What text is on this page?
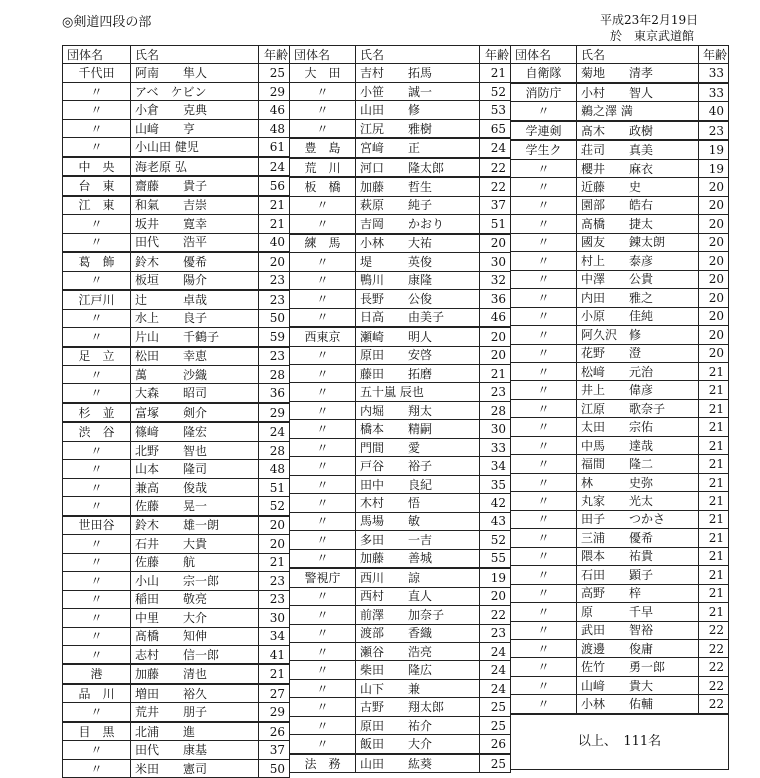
◎剣道四段の部	平成23年2月19日
於　東京武道館
団体名	氏名	年齢
千代田	阿南　　隼人	25
〃	アベ　ケビン	29
〃	小倉　　克典	46
〃	山﨑　　亨	48
〃	小山田 健児	61
中　央	海老原 弘	24
台　東	齋藤　　貴子	56
江　東	和氣　　吉崇	21
〃	坂井　　寛幸	21
〃	田代　　浩平	40
葛　飾	鈴木　　優希	20
〃	板垣　　陽介	23
江戸川	辻　　　卓哉	23
〃	水上　　良子	50
〃	片山　　千鶴子	59
足　立	松田　　幸恵	23
〃	萬　　　沙織	28
〃	大森　　昭司	36
杉　並	富塚　　剣介	29
渋　谷	篠﨑　　隆宏	24
〃	北野　　智也	28
〃	山本　　隆司	48
〃	兼高　　俊哉	51
〃	佐藤　　晃一	52
世田谷	鈴木　　雄一朗	20
〃	石井　　大貴	20
〃	佐藤　　航	21
〃	小山　　宗一郎	23
〃	稲田　　敬亮	23
〃	中里　　大介	30
〃	髙橋　　知伸	34
〃	志村　　信一郎	41
港	加藤　　清也	21
品　川	増田　　裕久	27
〃	荒井　　朋子	29
目　黒	北浦　　進	26
〃	田代　　康基	37
〃	米田　　憲司	50
団体名	氏名	年齢
大　田	吉村　　拓馬	21
〃	小笹　　誠一	52
〃	山田　　修	53
〃	江尻　　雅樹	65
豊　島	宮﨑　　正	24
荒　川	河口　　隆太郎	22
板　橋	加藤　　哲生	22
〃	萩原　　純子	37
〃	吉岡　　かおり	51
練　馬	小林　　大祐	20
〃	堤　　　英俊	30
〃	鴨川　　康隆	32
〃	長野　　公俊	36
〃	日高　　由美子	46
西東京	瀬崎　　明人	20
〃	原田　　安啓	20
〃	藤田　　拓磨	21
〃	五十嵐 辰也	23
〃	内堀　　翔太	28
〃	橋本　　精嗣	30
〃	門間　　愛	33
〃	戸谷　　裕子	34
〃	田中　　良紀	35
〃	木村　　悟	42
〃	馬場　　敏	43
〃	多田　　一吉	52
〃	加藤　　善城	55
警視庁	西川　　諒	19
〃	西村　　直人	20
〃	前澤　　加奈子	22
〃	渡部　　香織	23
〃	瀬谷　　浩亮	24
〃	柴田　　隆広	24
〃	山下　　兼	24
〃	古野　　翔太郎	25
〃	原田　　祐介	25
〃	飯田　　大介	26
法　務	山田　　紘葵	25
団体名	氏名	年齢
自衛隊	菊地　　清孝	33
消防庁	小村　　智人	33
〃	鵜之澤 満	40
学連剣	髙木　　政樹	23
学生ク	荘司　　真美	19
〃	櫻井　　麻衣	19
〃	近藤　　史	20
〃	園部　　皓右	20
〃	髙橋　　捷太	20
〃	國友　　錬太朗	20
〃	村上　　泰彦	20
〃	中澤　　公貴	20
〃	内田　　雅之	20
〃	小原　　佳純	20
〃	阿久沢　修	20
〃	花野　　澄	20
〃	松﨑　　元治	21
〃	井上　　偉彦	21
〃	江原　　歌奈子	21
〃	太田　　宗佑	21
〃	中馬　　達哉	21
〃	福間　　隆二	21
〃	林　　　史弥	21
〃	丸家　　光太	21
〃	田子　　つかさ	21
〃	三浦　　優希	21
〃	隈本　　祐貴	21
〃	石田　　顕子	21
〃	高野　　梓	21
〃	原　　　千早	21
〃	武田　　智裕	22
〃	渡邊　　俊庸	22
〃	佐竹　　勇一郎	22
〃	山﨑　　貴大	22
〃	小林　　佑輔	22
以上、　111名		
